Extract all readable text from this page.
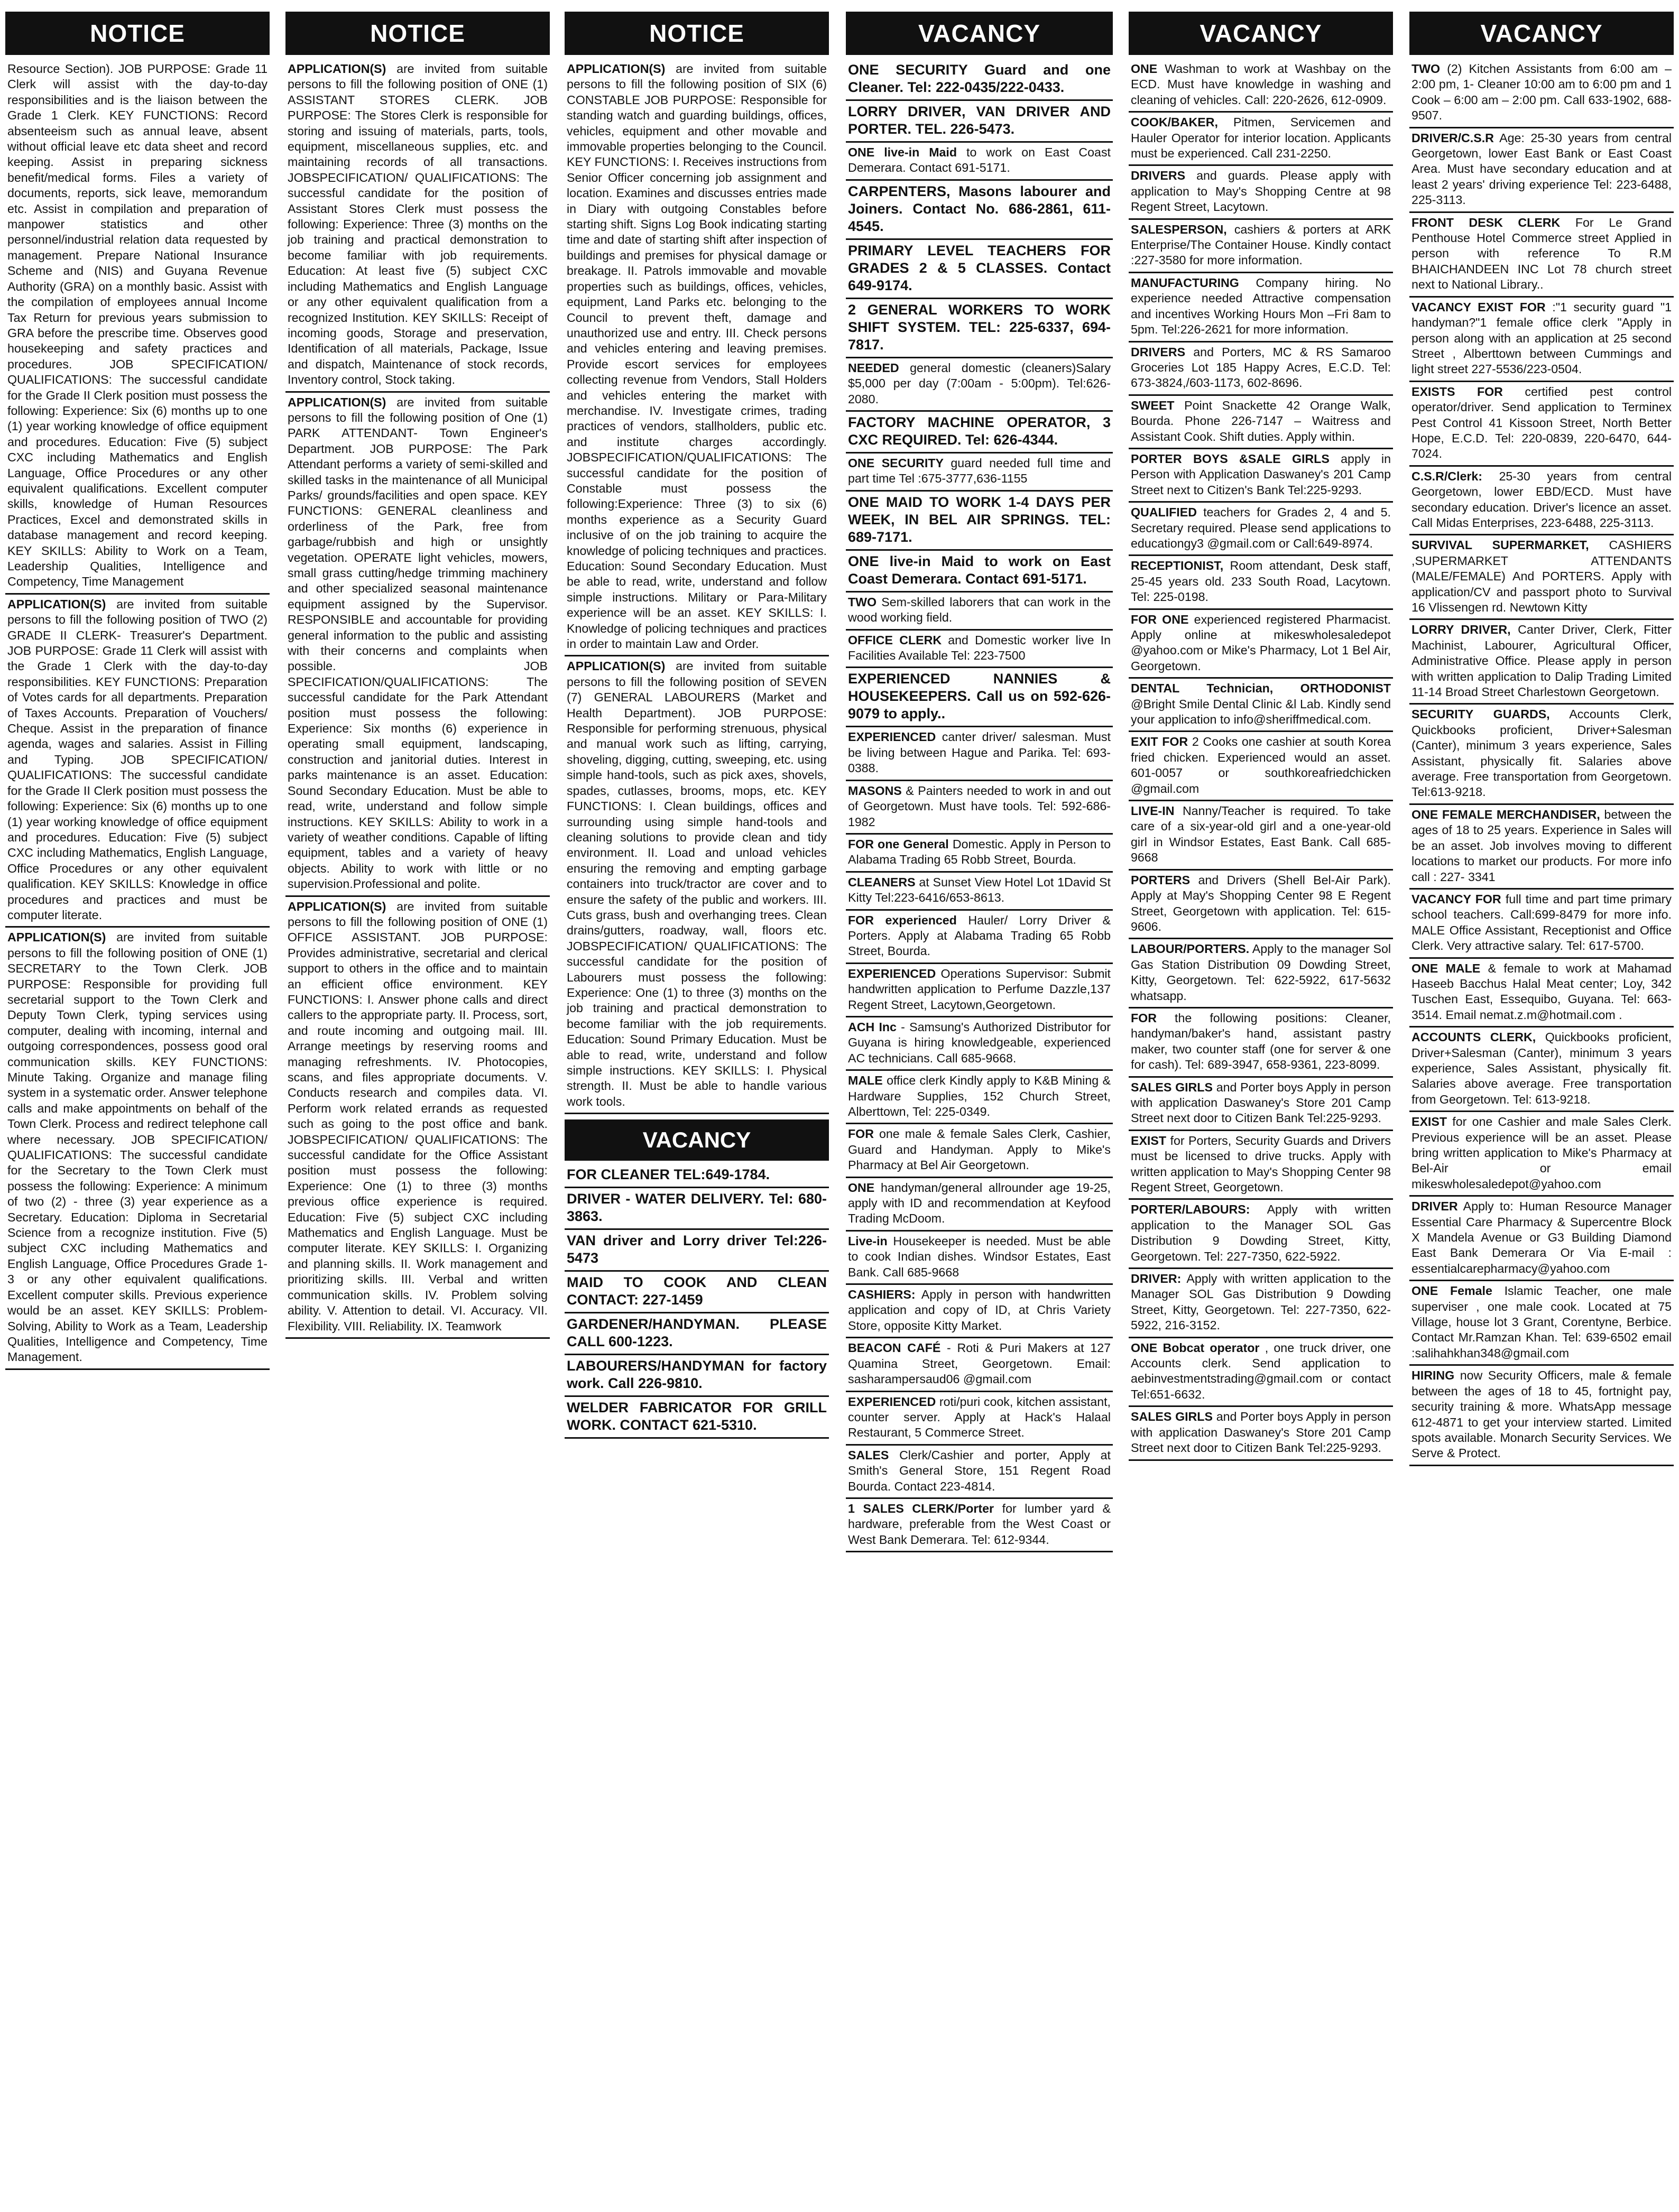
NOTICE
Resource Section). JOB PURPOSE: Grade 11 Clerk will assist with the day-to-day responsibilities and is the liaison between the Grade 1 Clerk. KEY FUNCTIONS: Record absenteeism such as annual leave, absent without official leave etc data sheet and record keeping. Assist in preparing sickness benefit/medical forms. Files a variety of documents, reports, sick leave, memorandum etc. Assist in compilation and preparation of manpower statistics and other personnel/industrial relation data requested by management. Prepare National Insurance Scheme and (NIS) and Guyana Revenue Authority (GRA) on a monthly basic. Assist with the compilation of employees annual Income Tax Return for previous years submission to GRA before the prescribe time. Observes good housekeeping and safety practices and procedures. JOB SPECIFICATION/ QUALIFICATIONS: The successful candidate for the Grade II Clerk position must possess the following: Experience: Six (6) months up to one (1) year working knowledge of office equipment and procedures. Education: Five (5) subject CXC including Mathematics and English Language, Office Procedures or any other equivalent qualifications. Excellent computer skills, knowledge of Human Resources Practices, Excel and demonstrated skills in database management and record keeping. KEY SKILLS: Ability to Work on a Team, Leadership Qualities, Intelligence and Competency, Time Management
APPLICATION(S) are invited from suitable persons to fill the following position of TWO (2) GRADE II CLERK- Treasurer's Department. JOB PURPOSE: Grade 11 Clerk will assist with the Grade 1 Clerk with the day-to-day responsibilities. KEY FUNCTIONS: Preparation of Votes cards for all departments. Preparation of Taxes Accounts. Preparation of Vouchers/ Cheque. Assist in the preparation of finance agenda, wages and salaries. Assist in Filling and Typing. JOB SPECIFICATION/ QUALIFICATIONS: The successful candidate for the Grade II Clerk position must possess the following: Experience: Six (6) months up to one (1) year working knowledge of office equipment and procedures. Education: Five (5) subject CXC including Mathematics, English Language, Office Procedures or any other equivalent qualification. KEY SKILLS: Knowledge in office procedures and practices and must be computer literate.
APPLICATION(S) are invited from suitable persons to fill the following position of ONE (1) SECRETARY to the Town Clerk. JOB PURPOSE: Responsible for providing full secretarial support to the Town Clerk and Deputy Town Clerk, typing services using computer, dealing with incoming, internal and outgoing correspondences, possess good oral communication skills. KEY FUNCTIONS: Minute Taking. Organize and manage filing system in a systematic order. Answer telephone calls and make appointments on behalf of the Town Clerk. Process and redirect telephone call where necessary. JOB SPECIFICATION/ QUALIFICATIONS: The successful candidate for the Secretary to the Town Clerk must possess the following: Experience: A minimum of two (2) - three (3) year experience as a Secretary. Education: Diploma in Secretarial Science from a recognize institution. Five (5) subject CXC including Mathematics and English Language, Office Procedures Grade 1-3 or any other equivalent qualifications. Excellent computer skills. Previous experience would be an asset. KEY SKILLS: Problem-Solving, Ability to Work as a Team, Leadership Qualities, Intelligence and Competency, Time Management.
NOTICE
APPLICATION(S) are invited from suitable persons to fill the following position of ONE (1) ASSISTANT STORES CLERK. JOB PURPOSE: The Stores Clerk is responsible for storing and issuing of materials, parts, tools, equipment, miscellaneous supplies, etc. and maintaining records of all transactions. JOBSPECIFICATION/ QUALIFICATIONS: The successful candidate for the position of Assistant Stores Clerk must possess the following: Experience: Three (3) months on the job training and practical demonstration to become familiar with job requirements. Education: At least five (5) subject CXC including Mathematics and English Language or any other equivalent qualification from a recognized Institution. KEY SKILLS: Receipt of incoming goods, Storage and preservation, Identification of all materials, Package, Issue and dispatch, Maintenance of stock records, Inventory control, Stock taking.
APPLICATION(S) are invited from suitable persons to fill the following position of One (1) PARK ATTENDANT- Town Engineer's Department. JOB PURPOSE: The Park Attendant performs a variety of semi-skilled and skilled tasks in the maintenance of all Municipal Parks/ grounds/facilities and open space. KEY FUNCTIONS: GENERAL cleanliness and orderliness of the Park, free from garbage/rubbish and high or unsightly vegetation. OPERATE light vehicles, mowers, small grass cutting/hedge trimming machinery and other specialized seasonal maintenance equipment assigned by the Supervisor. RESPONSIBLE and accountable for providing general information to the public and assisting with their concerns and complaints when possible. JOB SPECIFICATION/QUALIFICATIONS: The successful candidate for the Park Attendant position must possess the following: Experience: Six months (6) experience in operating small equipment, landscaping, construction and janitorial duties. Interest in parks maintenance is an asset. Education: Sound Secondary Education. Must be able to read, write, understand and follow simple instructions. KEY SKILLS: Ability to work in a variety of weather conditions. Capable of lifting equipment, tables and a variety of heavy objects. Ability to work with little or no supervision.Professional and polite.
APPLICATION(S) are invited from suitable persons to fill the following position of ONE (1) OFFICE ASSISTANT. JOB PURPOSE: Provides administrative, secretarial and clerical support to others in the office and to maintain an efficient office environment. KEY FUNCTIONS: I. Answer phone calls and direct callers to the appropriate party. II. Process, sort, and route incoming and outgoing mail. III. Arrange meetings by reserving rooms and managing refreshments. IV. Photocopies, scans, and files appropriate documents. V. Conducts research and compiles data. VI. Perform work related errands as requested such as going to the post office and bank. JOBSPECIFICATION/ QUALIFICATIONS: The successful candidate for the Office Assistant position must possess the following: Experience: One (1) to three (3) months previous office experience is required. Education: Five (5) subject CXC including Mathematics and English Language. Must be computer literate. KEY SKILLS: I. Organizing and planning skills. II. Work management and prioritizing skills. III. Verbal and written communication skills. IV. Problem solving ability. V. Attention to detail. VI. Accuracy. VII. Flexibility. VIII. Reliability. IX. Teamwork
NOTICE
APPLICATION(S) are invited from suitable persons to fill the following position of SIX (6) CONSTABLE JOB PURPOSE: Responsible for standing watch and guarding buildings, offices, vehicles, equipment and other movable and immovable properties belonging to the Council. KEY FUNCTIONS: I. Receives instructions from Senior Officer concerning job assignment and location. Examines and discusses entries made in Diary with outgoing Constables before starting shift. Signs Log Book indicating starting time and date of starting shift after inspection of buildings and premises for physical damage or breakage. II. Patrols immovable and movable properties such as buildings, offices, vehicles, equipment, Land Parks etc. belonging to the Council to prevent theft, damage and unauthorized use and entry. III. Check persons and vehicles entering and leaving premises. Provide escort services for employees collecting revenue from Vendors, Stall Holders and vehicles entering the market with merchandise. IV. Investigate crimes, trading practices of vendors, stallholders, public etc. and institute charges accordingly. JOBSPECIFICATION/QUALIFICATIONS: The successful candidate for the position of Constable must possess the following:Experience: Three (3) to six (6) months experience as a Security Guard inclusive of on the job training to acquire the knowledge of policing techniques and practices. Education: Sound Secondary Education. Must be able to read, write, understand and follow simple instructions. Military or Para-Military experience will be an asset. KEY SKILLS: I. Knowledge of policing techniques and practices in order to maintain Law and Order.
APPLICATION(S) are invited from suitable persons to fill the following position of SEVEN (7) GENERAL LABOURERS (Market and Health Department). JOB PURPOSE: Responsible for performing strenuous, physical and manual work such as lifting, carrying, shoveling, digging, cutting, sweeping, etc. using simple hand-tools, such as pick axes, shovels, spades, cutlasses, brooms, mops, etc. KEY FUNCTIONS: I. Clean buildings, offices and surrounding using simple hand-tools and cleaning solutions to provide clean and tidy environment. II. Load and unload vehicles ensuring the removing and empting garbage containers into truck/tractor are cover and to ensure the safety of the public and workers. III. Cuts grass, bush and overhanging trees. Clean drains/gutters, roadway, wall, floors etc. JOBSPECIFICATION/ QUALIFICATIONS: The successful candidate for the position of Labourers must possess the following: Experience: One (1) to three (3) months on the job training and practical demonstration to become familiar with the job requirements. Education: Sound Primary Education. Must be able to read, write, understand and follow simple instructions. KEY SKILLS: I. Physical strength. II. Must be able to handle various work tools.
VACANCY
FOR CLEANER TEL:649-1784.
DRIVER - WATER DELIVERY. Tel: 680-3863.
VAN driver and Lorry driver Tel:226-5473
MAID TO COOK AND CLEAN CONTACT: 227-1459
GARDENER/HANDYMAN. PLEASE CALL 600-1223.
LABOURERS/HANDYMAN for factory work. Call 226-9810.
WELDER FABRICATOR FOR GRILL WORK. CONTACT 621-5310.
VACANCY
ONE SECURITY Guard and one Cleaner. Tel: 222-0435/222-0433.
LORRY DRIVER, VAN DRIVER AND PORTER. TEL. 226-5473.
ONE live-in Maid to work on East Coast Demerara. Contact 691-5171.
CARPENTERS, Masons labourer and Joiners. Contact No. 686-2861, 611-4545.
PRIMARY LEVEL TEACHERS FOR GRADES 2 & 5 CLASSES. Contact 649-9174.
2 GENERAL WORKERS TO WORK SHIFT SYSTEM. TEL: 225-6337, 694-7817.
NEEDED general domestic (cleaners)Salary $5,000 per day (7:00am - 5:00pm). Tel:626-2080.
FACTORY MACHINE OPERATOR, 3 CXC REQUIRED. Tel: 626-4344.
ONE SECURITY guard needed full time and part time Tel :675-3777,636-1155
ONE MAID TO WORK 1-4 DAYS PER WEEK, IN BEL AIR SPRINGS. TEL: 689-7171.
ONE live-in Maid to work on East Coast Demerara. Contact 691-5171.
TWO Sem-skilled laborers that can work in the wood working field.
OFFICE CLERK and Domestic worker live In Facilities Available Tel: 223-7500
EXPERIENCED NANNIES & HOUSEKEEPERS. Call us on 592-626-9079 to apply..
EXPERIENCED canter driver/ salesman. Must be living between Hague and Parika. Tel: 693-0388.
MASONS & Painters needed to work in and out of Georgetown. Must have tools. Tel: 592-686-1982
FOR one General Domestic. Apply in Person to Alabama Trading 65 Robb Street, Bourda.
CLEANERS at Sunset View Hotel Lot 1David St Kitty Tel:223-6416/653-8613.
FOR experienced Hauler/ Lorry Driver & Porters. Apply at Alabama Trading 65 Robb Street, Bourda.
EXPERIENCED Operations Supervisor: Submit handwritten application to Perfume Dazzle,137 Regent Street, Lacytown,Georgetown.
ACH Inc - Samsung's Authorized Distributor for Guyana is hiring knowledgeable, experienced AC technicians. Call 685-9668.
MALE office clerk Kindly apply to K&B Mining & Hardware Supplies, 152 Church Street, Alberttown, Tel: 225-0349.
FOR one male & female Sales Clerk, Cashier, Guard and Handyman. Apply to Mike's Pharmacy at Bel Air Georgetown.
ONE handyman/general allrounder age 19-25, apply with ID and recommendation at Keyfood Trading McDoom.
Live-in Housekeeper is needed. Must be able to cook Indian dishes. Windsor Estates, East Bank. Call 685-9668
CASHIERS: Apply in person with handwritten application and copy of ID, at Chris Variety Store, opposite Kitty Market.
BEACON CAFÉ - Roti & Puri Makers at 127 Quamina Street, Georgetown. Email: sasharampersaud06 @gmail.com
EXPERIENCED roti/puri cook, kitchen assistant, counter server. Apply at Hack's Halaal Restaurant, 5 Commerce Street.
SALES Clerk/Cashier and porter, Apply at Smith's General Store, 151 Regent Road Bourda. Contact 223-4814.
1 SALES CLERK/Porter for lumber yard & hardware, preferable from the West Coast or West Bank Demerara. Tel: 612-9344.
VACANCY
ONE Washman to work at Washbay on the ECD. Must have knowledge in washing and cleaning of vehicles. Call: 220-2626, 612-0909.
COOK/BAKER, Pitmen, Servicemen and Hauler Operator for interior location. Applicants must be experienced. Call 231-2250.
DRIVERS and guards. Please apply with application to May's Shopping Centre at 98 Regent Street, Lacytown.
SALESPERSON, cashiers & porters at ARK Enterprise/The Container House. Kindly contact :227-3580 for more information.
MANUFACTURING Company hiring. No experience needed Attractive compensation and incentives Working Hours Mon –Fri 8am to 5pm. Tel:226-2621 for more information.
DRIVERS and Porters, MC & RS Samaroo Groceries Lot 185 Happy Acres, E.C.D. Tel: 673-3824,/603-1173, 602-8696.
SWEET Point Snackette 42 Orange Walk, Bourda. Phone 226-7147 – Waitress and Assistant Cook. Shift duties. Apply within.
PORTER BOYS &SALE GIRLS apply in Person with Application Daswaney's 201 Camp Street next to Citizen's Bank Tel:225-9293.
QUALIFIED teachers for Grades 2, 4 and 5. Secretary required. Please send applications to educationgy3 @gmail.com or Call:649-8974.
RECEPTIONIST, Room attendant, Desk staff, 25-45 years old. 233 South Road, Lacytown. Tel: 225-0198.
FOR ONE experienced registered Pharmacist. Apply online at mikeswholesaledepot @yahoo.com or Mike's Pharmacy, Lot 1 Bel Air, Georgetown.
DENTAL Technician, ORTHODONIST @Bright Smile Dental Clinic &l Lab. Kindly send your application to info@sheriffmedical.com.
EXIT FOR 2 Cooks one cashier at south Korea fried chicken. Experienced would an asset. 601-0057 or southkoreafriedchicken @gmail.com
LIVE-IN Nanny/Teacher is required. To take care of a six-year-old girl and a one-year-old girl in Windsor Estates, East Bank. Call 685-9668
PORTERS and Drivers (Shell Bel-Air Park). Apply at May's Shopping Center 98 E Regent Street, Georgetown with application. Tel: 615-9606.
LABOUR/PORTERS. Apply to the manager Sol Gas Station Distribution 09 Dowding Street, Kitty, Georgetown. Tel: 622-5922, 617-5632 whatsapp.
FOR the following positions: Cleaner, handyman/baker's hand, assistant pastry maker, two counter staff (one for server & one for cash). Tel: 689-3947, 658-9361, 223-8099.
SALES GIRLS and Porter boys Apply in person with application Daswaney's Store 201 Camp Street next door to Citizen Bank Tel:225-9293.
EXIST for Porters, Security Guards and Drivers must be licensed to drive trucks. Apply with written application to May's Shopping Center 98 Regent Street, Georgetown.
PORTER/LABOURS: Apply with written application to the Manager SOL Gas Distribution 9 Dowding Street, Kitty, Georgetown. Tel: 227-7350, 622-5922.
DRIVER: Apply with written application to the Manager SOL Gas Distribution 9 Dowding Street, Kitty, Georgetown. Tel: 227-7350, 622-5922, 216-3152.
ONE Bobcat operator , one truck driver, one Accounts clerk. Send application to aebinvestmentstrading@gmail.com or contact Tel:651-6632.
SALES GIRLS and Porter boys Apply in person with application Daswaney's Store 201 Camp Street next door to Citizen Bank Tel:225-9293.
VACANCY
TWO (2) Kitchen Assistants from 6:00 am – 2:00 pm, 1- Cleaner 10:00 am to 6:00 pm and 1 Cook – 6:00 am – 2:00 pm. Call 633-1902, 688-9507.
DRIVER/C.S.R Age: 25-30 years from central Georgetown, lower East Bank or East Coast Area. Must have secondary education and at least 2 years' driving experience Tel: 223-6488, 225-3113.
FRONT DESK CLERK For Le Grand Penthouse Hotel Commerce street Applied in person with reference To R.M BHAICHANDEEN INC Lot 78 church street next to National Library..
VACANCY EXIST FOR :"1 security guard "1 handyman?"1 female office clerk "Apply in person along with an application at 25 second Street , Alberttown between Cummings and light street 227-5536/223-0504.
EXISTS FOR certified pest control operator/driver. Send application to Terminex Pest Control 41 Kissoon Street, North Better Hope, E.C.D. Tel: 220-0839, 220-6470, 644-7024.
C.S.R/Clerk: 25-30 years from central Georgetown, lower EBD/ECD. Must have secondary education. Driver's licence an asset. Call Midas Enterprises, 223-6488, 225-3113.
SURVIVAL SUPERMARKET, CASHIERS ,SUPERMARKET ATTENDANTS (MALE/FEMALE) And PORTERS. Apply with application/CV and passport photo to Survival 16 Vlissengen rd. Newtown Kitty
LORRY DRIVER, Canter Driver, Clerk, Fitter Machinist, Labourer, Agricultural Officer, Administrative Office. Please apply in person with written application to Dalip Trading Limited 11-14 Broad Street Charlestown Georgetown.
SECURITY GUARDS, Accounts Clerk, Quickbooks proficient, Driver+Salesman (Canter), minimum 3 years experience, Sales Assistant, physically fit. Salaries above average. Free transportation from Georgetown. Tel:613-9218.
ONE FEMALE MERCHANDISER, between the ages of 18 to 25 years. Experience in Sales will be an asset. Job involves moving to different locations to market our products. For more info call : 227- 3341
VACANCY FOR full time and part time primary school teachers. Call:699-8479 for more info. MALE Office Assistant, Receptionist and Office Clerk. Very attractive salary. Tel: 617-5700.
ONE MALE & female to work at Mahamad Haseeb Bacchus Halal Meat center; Loy, 342 Tuschen East, Essequibo, Guyana. Tel: 663-3514. Email nemat.z.m@hotmail.com .
ACCOUNTS CLERK, Quickbooks proficient, Driver+Salesman (Canter), minimum 3 years experience, Sales Assistant, physically fit. Salaries above average. Free transportation from Georgetown. Tel: 613-9218.
EXIST for one Cashier and male Sales Clerk. Previous experience will be an asset. Please bring written application to Mike's Pharmacy at Bel-Air or email mikeswholesaledepot@yahoo.com
DRIVER Apply to: Human Resource Manager Essential Care Pharmacy & Supercentre Block X Mandela Avenue or G3 Building Diamond East Bank Demerara Or Via E-mail : essentialcarepharmacy@yahoo.com
ONE Female Islamic Teacher, one male superviser , one male cook. Located at 75 Village, house lot 3 Grant, Corentyne, Berbice. Contact Mr.Ramzan Khan. Tel: 639-6502 email :salihahkhan348@gmail.com
HIRING now Security Officers, male & female between the ages of 18 to 45, fortnight pay, security training & more. WhatsApp message 612-4871 to get your interview started. Limited spots available. Monarch Security Services. We Serve & Protect.
